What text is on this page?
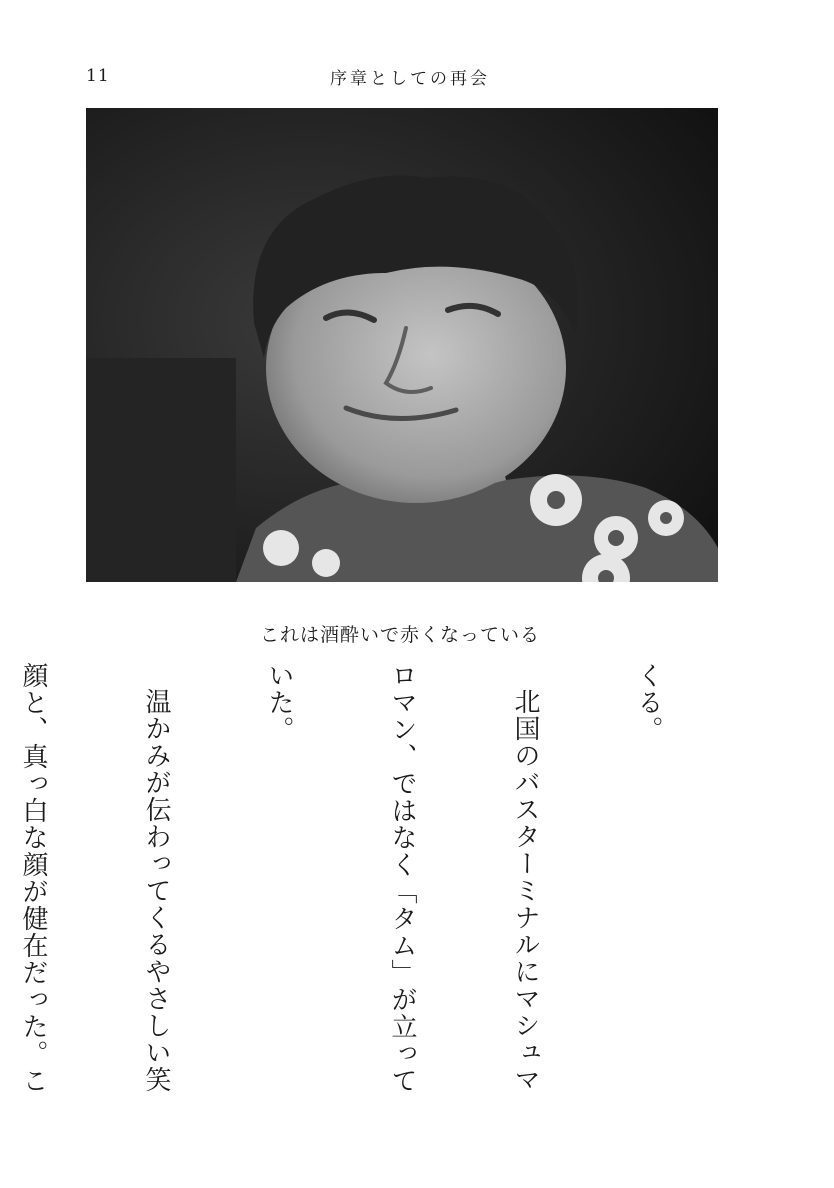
11	序章としての再会
これは酒酔いで赤くなっている

くる。

北国のバスターミナルにマシュマ

ロマン、ではなく「タム」が立って

いた。

温かみが伝わってくるやさしい笑

顔と、真っ白な顔が健在だった。こ
